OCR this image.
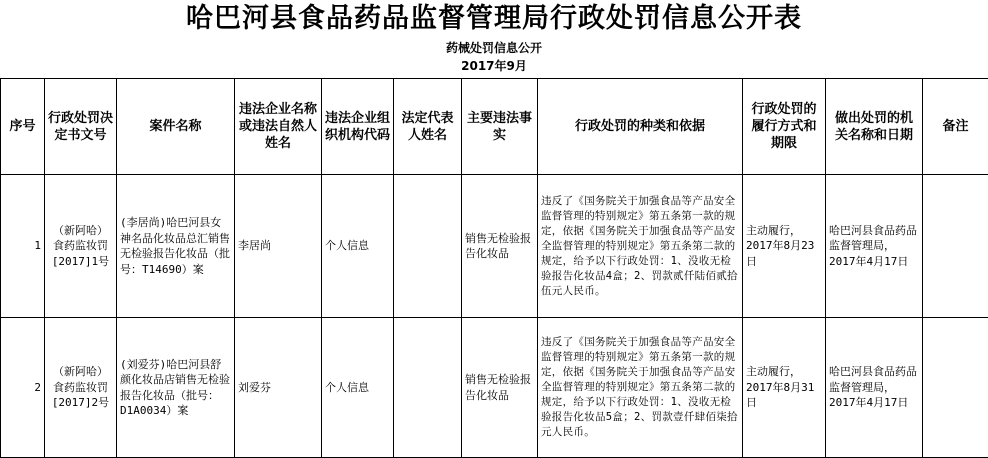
哈巴河县食品药品监督管理局行政处罚信息公开表
药械处罚信息公开
2017年9月
序号	行政处罚决定书文号	案件名称	违法企业名称或违法自然人姓名	违法企业组织机构代码	法定代表人姓名	主要违法事实	行政处罚的种类和依据	行政处罚的履行方式和期限	做出处罚的机关名称和日期	备注
1	（新阿哈）食药监妆罚[2017]1号	(李居尚)哈巴河县女神名品化妆品总汇销售无检验报告化妆品（批号：T14690）案	李居尚	个人信息		销售无检验报告化妆品	违反了《国务院关于加强食品等产品安全监督管理的特别规定》第五条第一款的规定，依据《国务院关于加强食品等产品安全监督管理的特别规定》第五条第二款的规定，给予以下行政处罚：1、没收无检验报告化妆品4盒；2、罚款贰仟陆佰贰拾伍元人民币。	主动履行，2017年8月23日	哈巴河县食品药品监督管理局，2017年4月17日	
2	（新阿哈）食药监妆罚[2017]2号	(刘爱芬)哈巴河县舒颜化妆品店销售无检验报告化妆品（批号：D1A0034）案	刘爱芬	个人信息		销售无检验报告化妆品	违反了《国务院关于加强食品等产品安全监督管理的特别规定》第五条第一款的规定，依据《国务院关于加强食品等产品安全监督管理的特别规定》第五条第二款的规定，给予以下行政处罚：1、没收无检验报告化妆品5盒；2、罚款壹仟肆佰柒拾元人民币。	主动履行，2017年8月31日	哈巴河县食品药品监督管理局，2017年4月17日	
